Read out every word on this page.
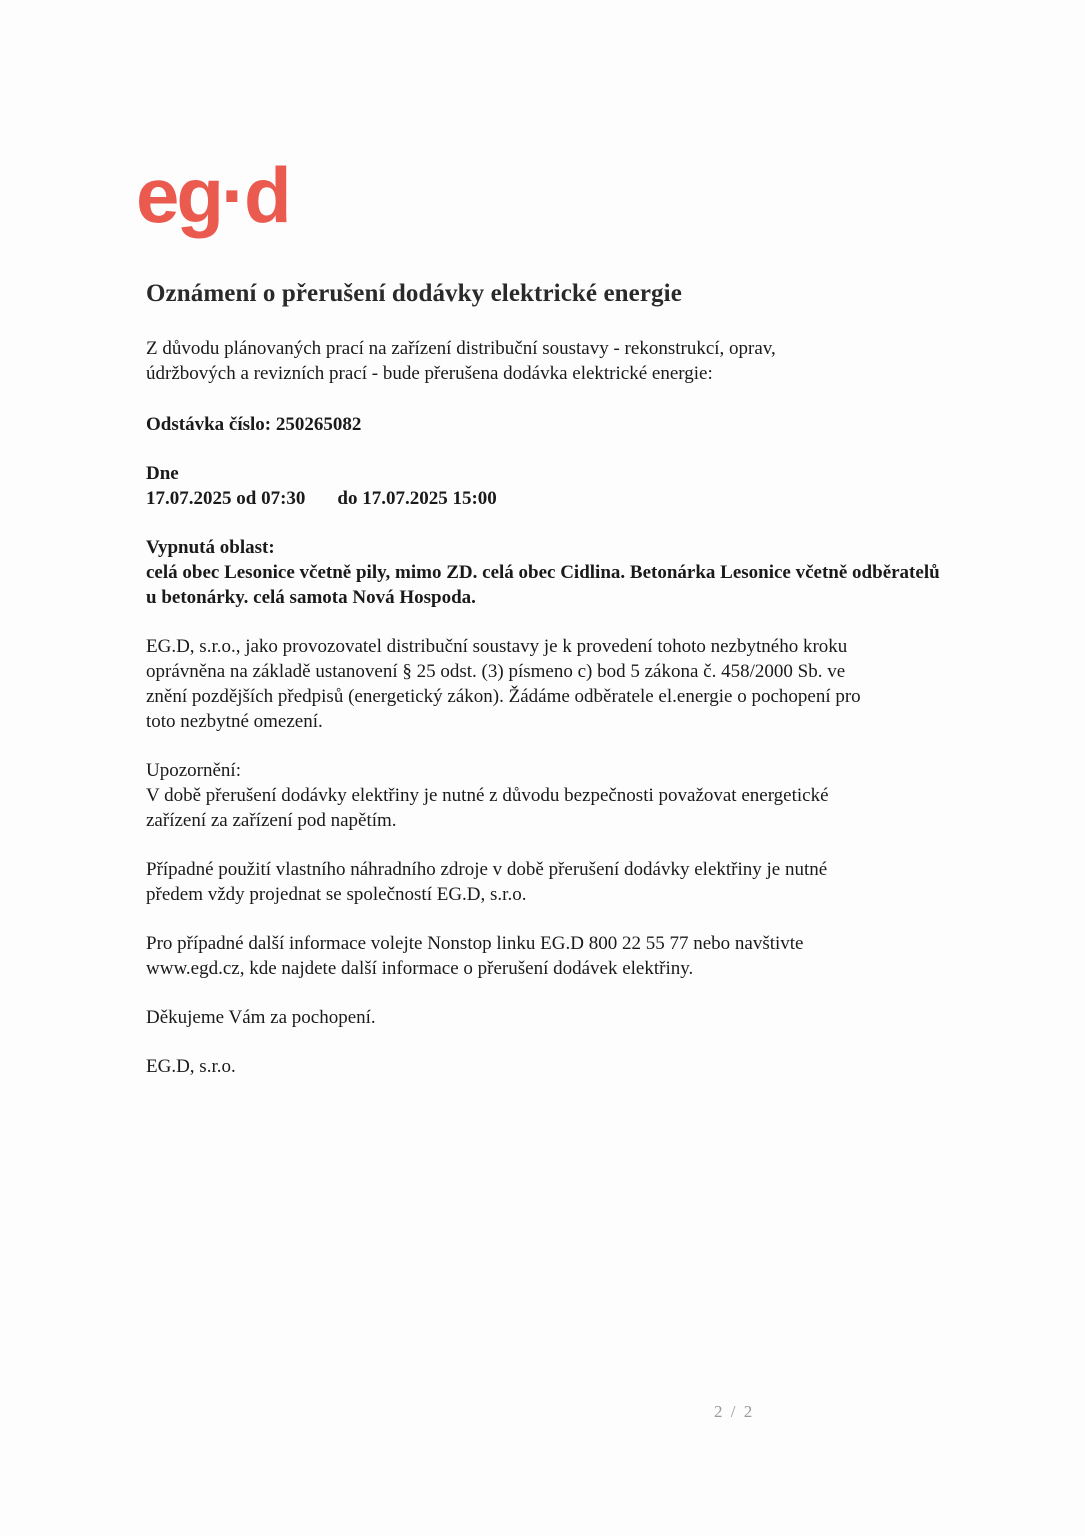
eg·d
Oznámení o přerušení dodávky elektrické energie

Z důvodu plánovaných prací na zařízení distribuční soustavy - rekonstrukcí, oprav,

údržbových a revizních prací - bude přerušena dodávka elektrické energie:

Odstávka číslo: 250265082

Dne

17.07.2025 od 07:30 do 17.07.2025 15:00

Vypnutá oblast:

celá obec Lesonice včetně pily, mimo ZD. celá obec Cidlina. Betonárka Lesonice včetně odběratelů
u betonárky. celá samota Nová Hospoda.

EG.D, s.r.o., jako provozovatel distribuční soustavy je k provedení tohoto nezbytného kroku

oprávněna na základě ustanovení § 25 odst. (3) písmeno c) bod 5 zákona č. 458/2000 Sb. ve

znění pozdějších předpisů (energetický zákon). Žádáme odběratele el.energie o pochopení pro

toto nezbytné omezení.

Upozornění:

V době přerušení dodávky elektřiny je nutné z důvodu bezpečnosti považovat energetické

zařízení za zařízení pod napětím.

Případné použití vlastního náhradního zdroje v době přerušení dodávky elektřiny je nutné

předem vždy projednat se společností EG.D, s.r.o.

Pro případné další informace volejte Nonstop linku EG.D 800 22 55 77 nebo navštivte

www.egd.cz, kde najdete další informace o přerušení dodávek elektřiny.

Děkujeme Vám za pochopení.

EG.D, s.r.o.

2 / 2
